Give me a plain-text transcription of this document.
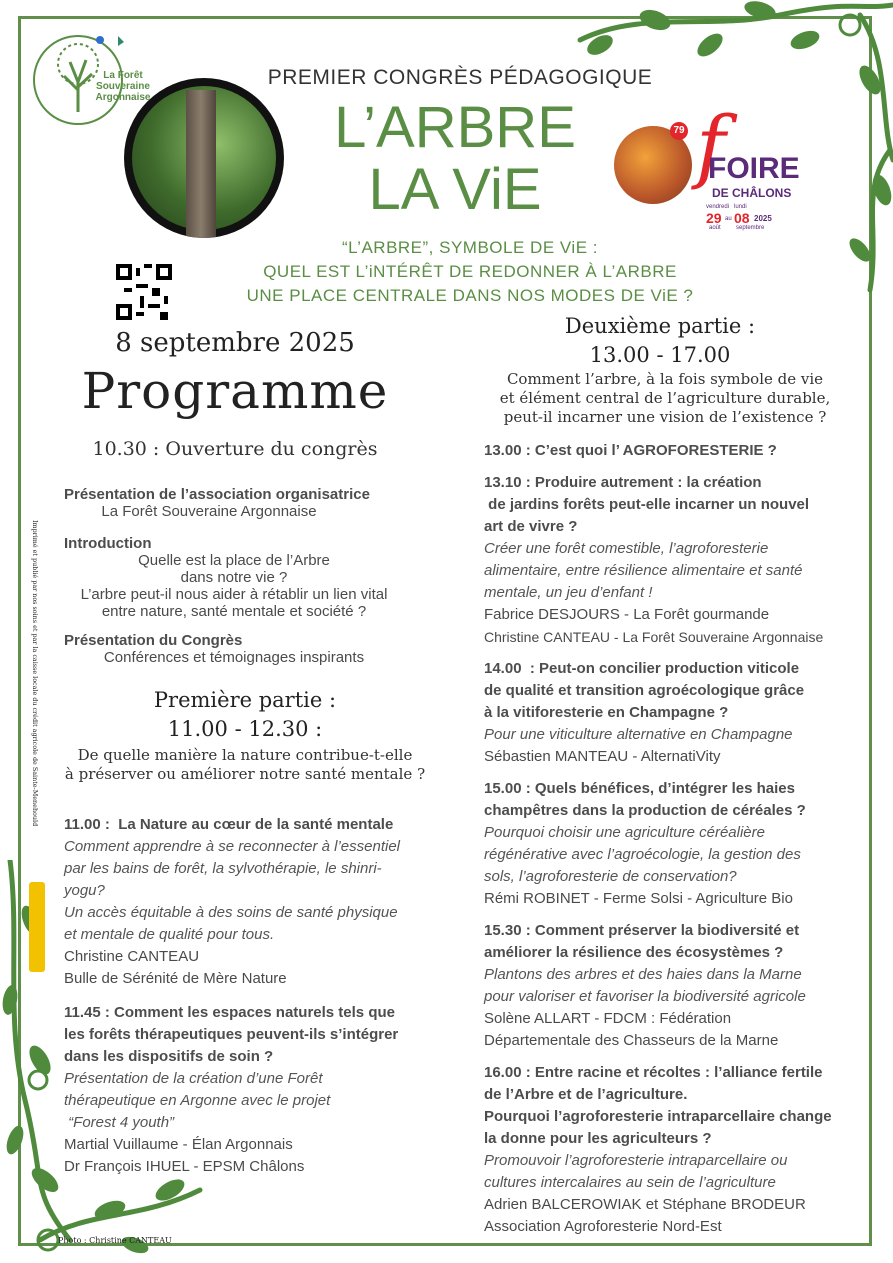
La Forêt Souveraine Argonnaise
PREMIER CONGRÈS PÉDAGOGIQUE
L’ARBRE
LA ViE
“L’ARBRE”, SYMBOLE DE ViE :
QUEL EST L’iNTÉRÊT DE REDONNER À L’ARBRE
UNE PLACE CENTRALE DANS NOS MODES DE ViE ?
79 f
FOIRE
DE CHÂLONS
vendredi
29
août
au
lundi
08 2025
septembre
8 septembre 2025
Programme
10.30 : Ouverture du congrès
Présentation de l’association organisatrice
La Forêt Souveraine Argonnaise
Introduction
Quelle est la place de l’Arbre
dans notre vie ?
L’arbre peut-il nous aider à rétablir un lien vital
entre nature, santé mentale et société ?
Présentation du Congrès
Conférences et témoignages inspirants
Première partie :
11.00 - 12.30 :
De quelle manière la nature contribue-t-elle
à préserver ou améliorer notre santé mentale ?
Deuxième partie :
13.00 - 17.00
Comment l’arbre, à la fois symbole de vie
et élément central de l’agriculture durable,
peut-il incarner une vision de l’existence ?
11.00 :  La Nature au cœur de la santé mentale
Comment apprendre à se reconnecter à l’essentiel
par les bains de forêt, la sylvothérapie, le shinri-
yogu?
Un accès équitable à des soins de santé physique
et mentale de qualité pour tous.
Christine CANTEAU
Bulle de Sérénité de Mère Nature
11.45 : Comment les espaces naturels tels que
les forêts thérapeutiques peuvent-ils s’intégrer
dans les dispositifs de soin ?
Présentation de la création d’une Forêt
thérapeutique en Argonne avec le projet
“Forest 4 youth”
Martial Vuillaume - Élan Argonnais
Dr François IHUEL - EPSM Châlons
13.00 : C’est quoi l’ AGROFORESTERIE ?
13.10 : Produire autrement : la création
de jardins forêts peut-elle incarner un nouvel
art de vivre ?
Créer une forêt comestible, l’agroforesterie
alimentaire, entre résilience alimentaire et santé
mentale, un jeu d’enfant !
Fabrice DESJOURS - La Forêt gourmande
Christine CANTEAU - La Forêt Souveraine Argonnaise
14.00  : Peut-on concilier production viticole
de qualité et transition agroécologique grâce
à la vitiforesterie en Champagne ?
Pour une viticulture alternative en Champagne
Sébastien MANTEAU - AlternatiVity
15.00 : Quels bénéfices, d’intégrer les haies
champêtres dans la production de céréales ?
Pourquoi choisir une agriculture céréalière
régénérative avec l’agroécologie, la gestion des
sols, l’agroforesterie de conservation?
Rémi ROBINET - Ferme Solsi - Agriculture Bio
15.30 : Comment préserver la biodiversité et
améliorer la résilience des écosystèmes ?
Plantons des arbres et des haies dans la Marne
pour valoriser et favoriser la biodiversité agricole
Solène ALLART - FDCM : Fédération
Départementale des Chasseurs de la Marne
16.00 : Entre racine et récoltes : l’alliance fertile
de l’Arbre et de l’agriculture.
Pourquoi l’agroforesterie intraparcellaire change
la donne pour les agriculteurs ?
Promouvoir l’agroforesterie intraparcellaire ou
cultures intercalaires au sein de l’agriculture
Adrien BALCEROWIAK et Stéphane BRODEUR
Association Agroforesterie Nord-Est
Imprimé et publié par nos soins et par la caisse locale du crédit agricole de Sainte-Menehould
Photo : Christine CANTEAU
